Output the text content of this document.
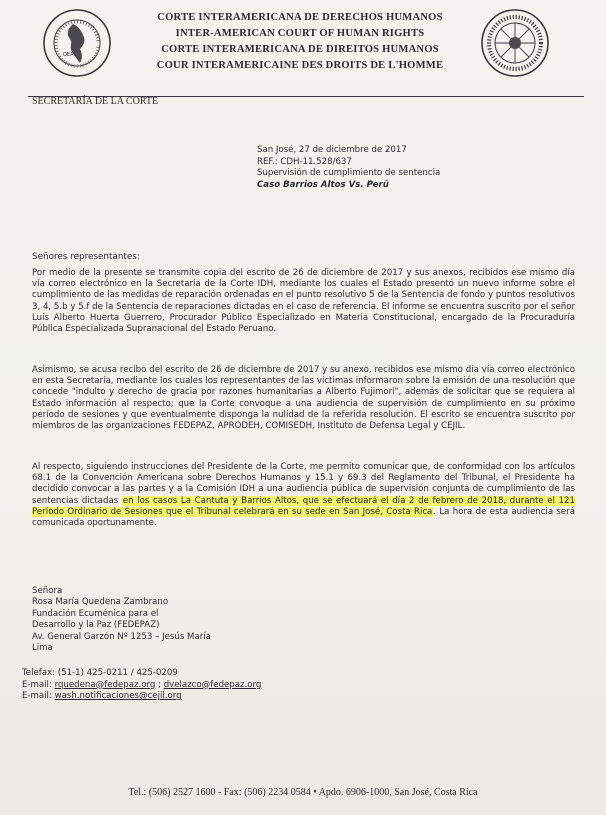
OEA
CORTE INTERAMERICANA DE DERECHOS HUMANOS
INTER-AMERICAN COURT OF HUMAN RIGHTS
CORTE INTERAMERICANA DE DIREITOS HUMANOS
COUR INTERAMERICAINE DES DROITS DE L'HOMME
SECRETARÍA DE LA CORTE
San José, 27 de diciembre de 2017
REF.: CDH-11.528/637
Supervisión de cumplimiento de sentencia
Caso Barrios Altos Vs. Perú
Señores representantes:
Por medio de la presente se transmite copia del escrito de 26 de diciembre de 2017 y sus anexos, recibidos ese mismo día vía correo electrónico en la Secretaría de la Corte IDH, mediante los cuales el Estado presentó un nuevo informe sobre el cumplimiento de las medidas de reparación ordenadas en el punto resolutivo 5 de la Sentencia de fondo y puntos resolutivos 3, 4, 5.b y 5.f de la Sentencia de reparaciones dictadas en el caso de referencia. El informe se encuentra suscrito por el señor Luis Alberto Huerta Guerrero, Procurador Público Especializado en Materia Constitucional, encargado de la Procuraduría Pública Especializada Supranacional del Estado Peruano.
Asimismo, se acusa recibo del escrito de 26 de diciembre de 2017 y su anexo, recibidos ese mismo día vía correo electrónico en esta Secretaría, mediante los cuales los representantes de las víctimas informaron sobre la emisión de una resolución que concede "indulto y derecho de gracia por razones humanitarias a Alberto Fujimori", además de solicitar que se requiera al Estado información al respecto; que la Corte convoque a una audiencia de supervisión de cumplimiento en su próximo período de sesiones y que eventualmente disponga la nulidad de la referida resolución. El escrito se encuentra suscrito por miembros de las organizaciones FEDEPAZ, APRODEH, COMISEDH, Instituto de Defensa Legal y CEJIL.
Al respecto, siguiendo instrucciones del Presidente de la Corte, me permito comunicar que, de conformidad con los artículos 68.1 de la Convención Americana sobre Derechos Humanos y 15.1 y 69.3 del Reglamento del Tribunal, el Presidente ha decidido convocar a las partes y a la Comisión IDH a una audiencia pública de supervisión conjunta de cumplimiento de las sentencias dictadas en los casos La Cantuta y Barrios Altos, que se efectuará el día 2 de febrero de 2018, durante el 121 Período Ordinario de Sesiones que el Tribunal celebrará en su sede en San José, Costa Rica. La hora de esta audiencia será comunicada oportunamente.
Señora
Rosa María Quedena Zambrano
Fundación Ecuménica para el
Desarrollo y la Paz (FEDEPAZ)
Av. General Garzón Nº 1253 – Jesús María
Lima
Telefax: (51-1) 425-0211 / 425-0209
E-mail: rquedena@fedepaz.org ; dvelazco@fedepaz.org
E-mail: wash.notificaciones@cejil.org
Tel.: (506) 2527 1600 - Fax: (506) 2234 0584 • Apdo. 6906-1000, San José, Costa Rica
